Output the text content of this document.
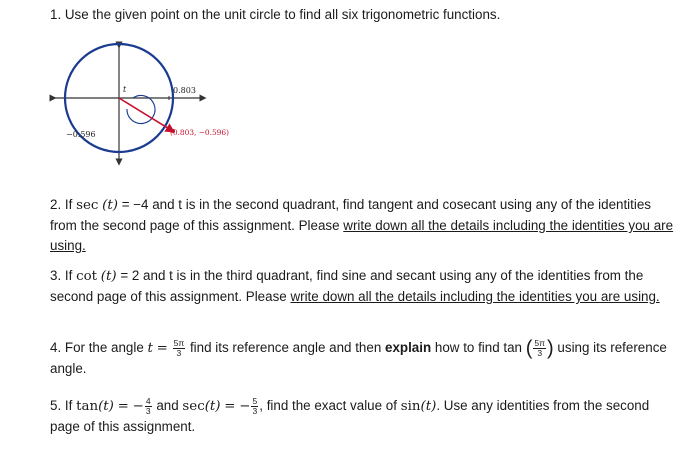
1. Use the given point on the unit circle to find all six trigonometric functions.
t	0.803
−0.596	(0.803, −0.596)
2. If sec (t) = −4 and t is in the second quadrant, find tangent and cosecant using any of the identities from the second page of this assignment. Please write down all the details including the identities you are using.
3. If cot (t) = 2 and t is in the third quadrant, find sine and secant using any of the identities from the second page of this assignment. Please write down all the details including the identities you are using.
4. For the angle $t = \frac{5\pi}{3}$ find its reference angle and then explain how to find tan ( $\frac{5\pi}{3}$ ) using its reference angle.
5. If tan(t) = − $\frac{4}{3}$ and sec(t) = − $\frac{5}{3}$ , find the exact value of sin(t). Use any identities from the second page of this assignment.
